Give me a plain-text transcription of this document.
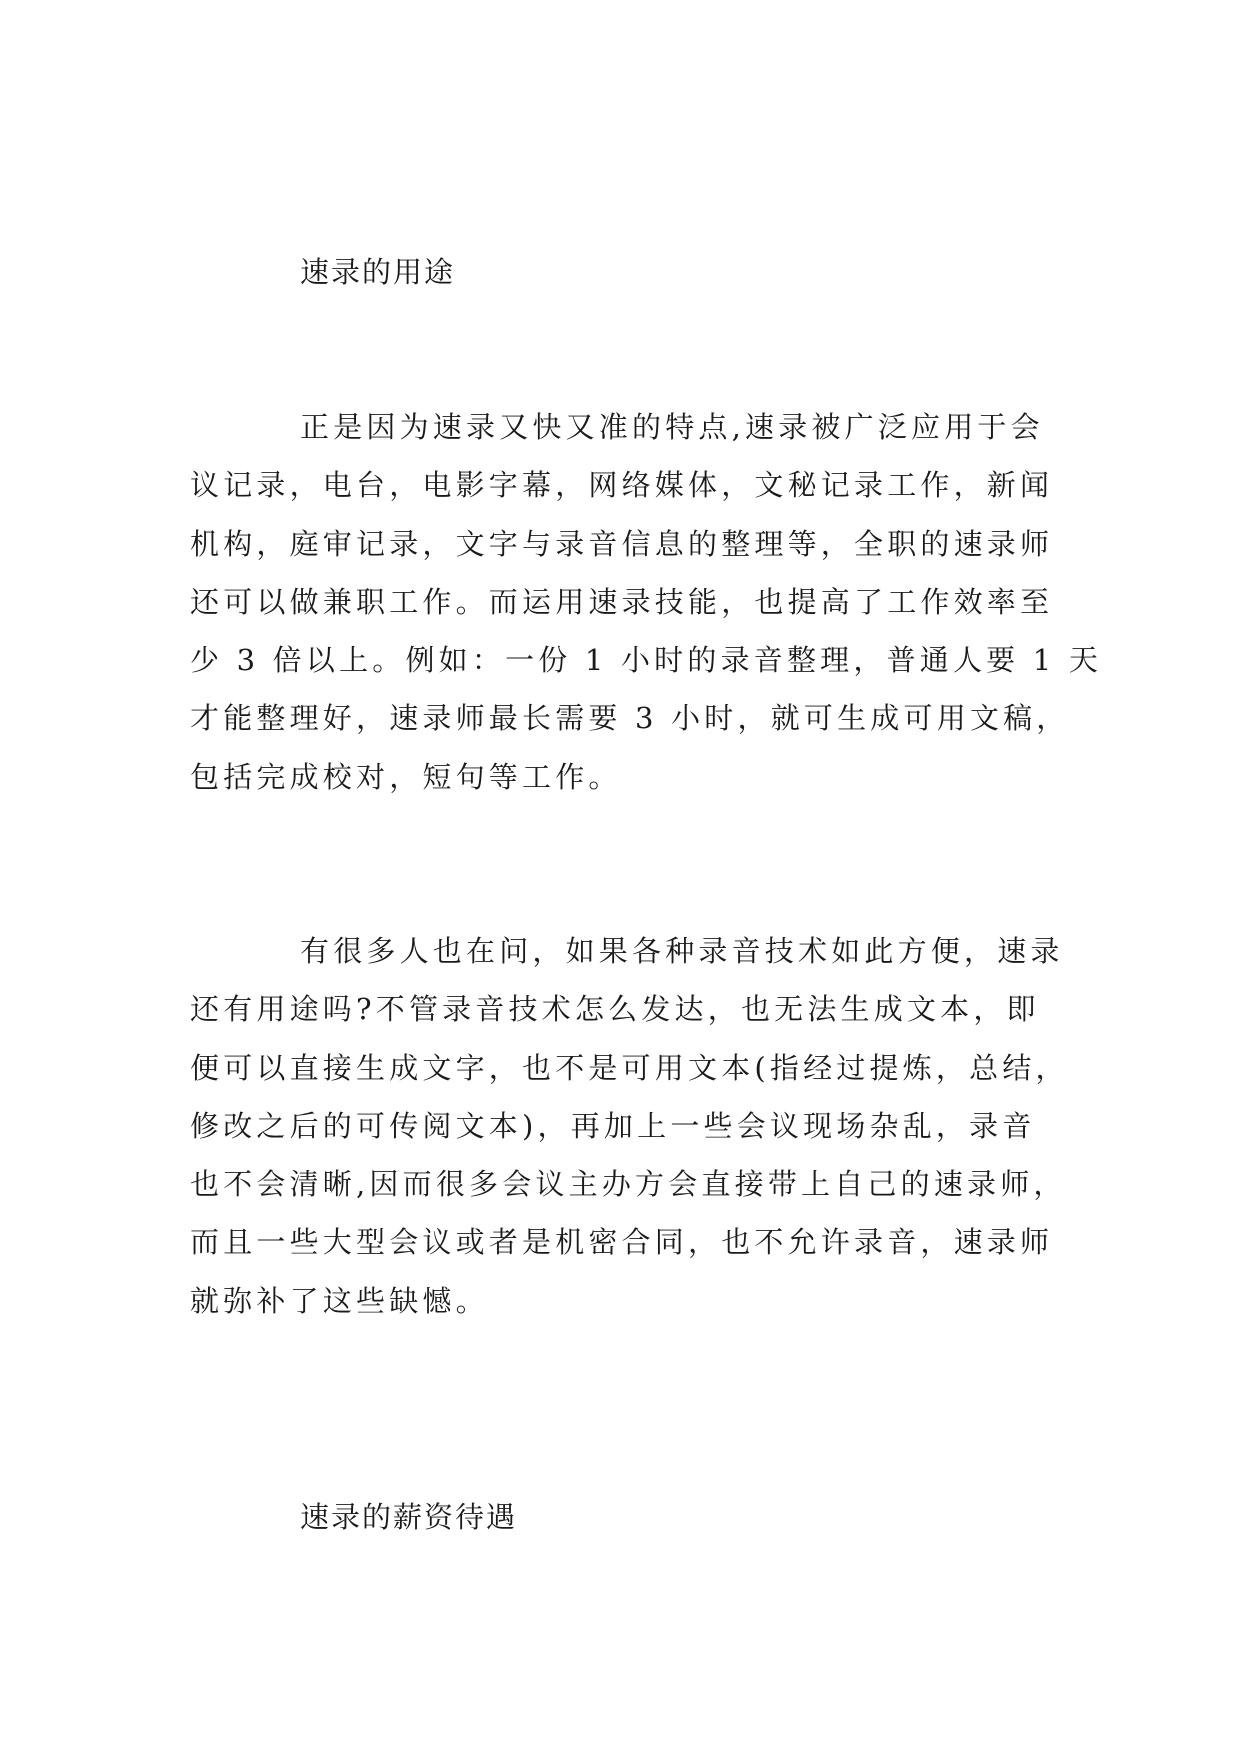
速录的用途
正是因为速录又快又准的特点,速录被广泛应用于会
议记录，电台，电影字幕，网络媒体，文秘记录工作，新闻
机构，庭审记录，文字与录音信息的整理等，全职的速录师
还可以做兼职工作。而运用速录技能，也提高了工作效率至
少 3 倍以上。例如：一份 1 小时的录音整理，普通人要 1 天
才能整理好，速录师最长需要 3 小时，就可生成可用文稿，
包括完成校对，短句等工作。
有很多人也在问，如果各种录音技术如此方便，速录
还有用途吗?不管录音技术怎么发达，也无法生成文本，即
便可以直接生成文字，也不是可用文本(指经过提炼，总结，
修改之后的可传阅文本)，再加上一些会议现场杂乱，录音
也不会清晰,因而很多会议主办方会直接带上自己的速录师，
而且一些大型会议或者是机密合同，也不允许录音，速录师
就弥补了这些缺憾。
速录的薪资待遇
